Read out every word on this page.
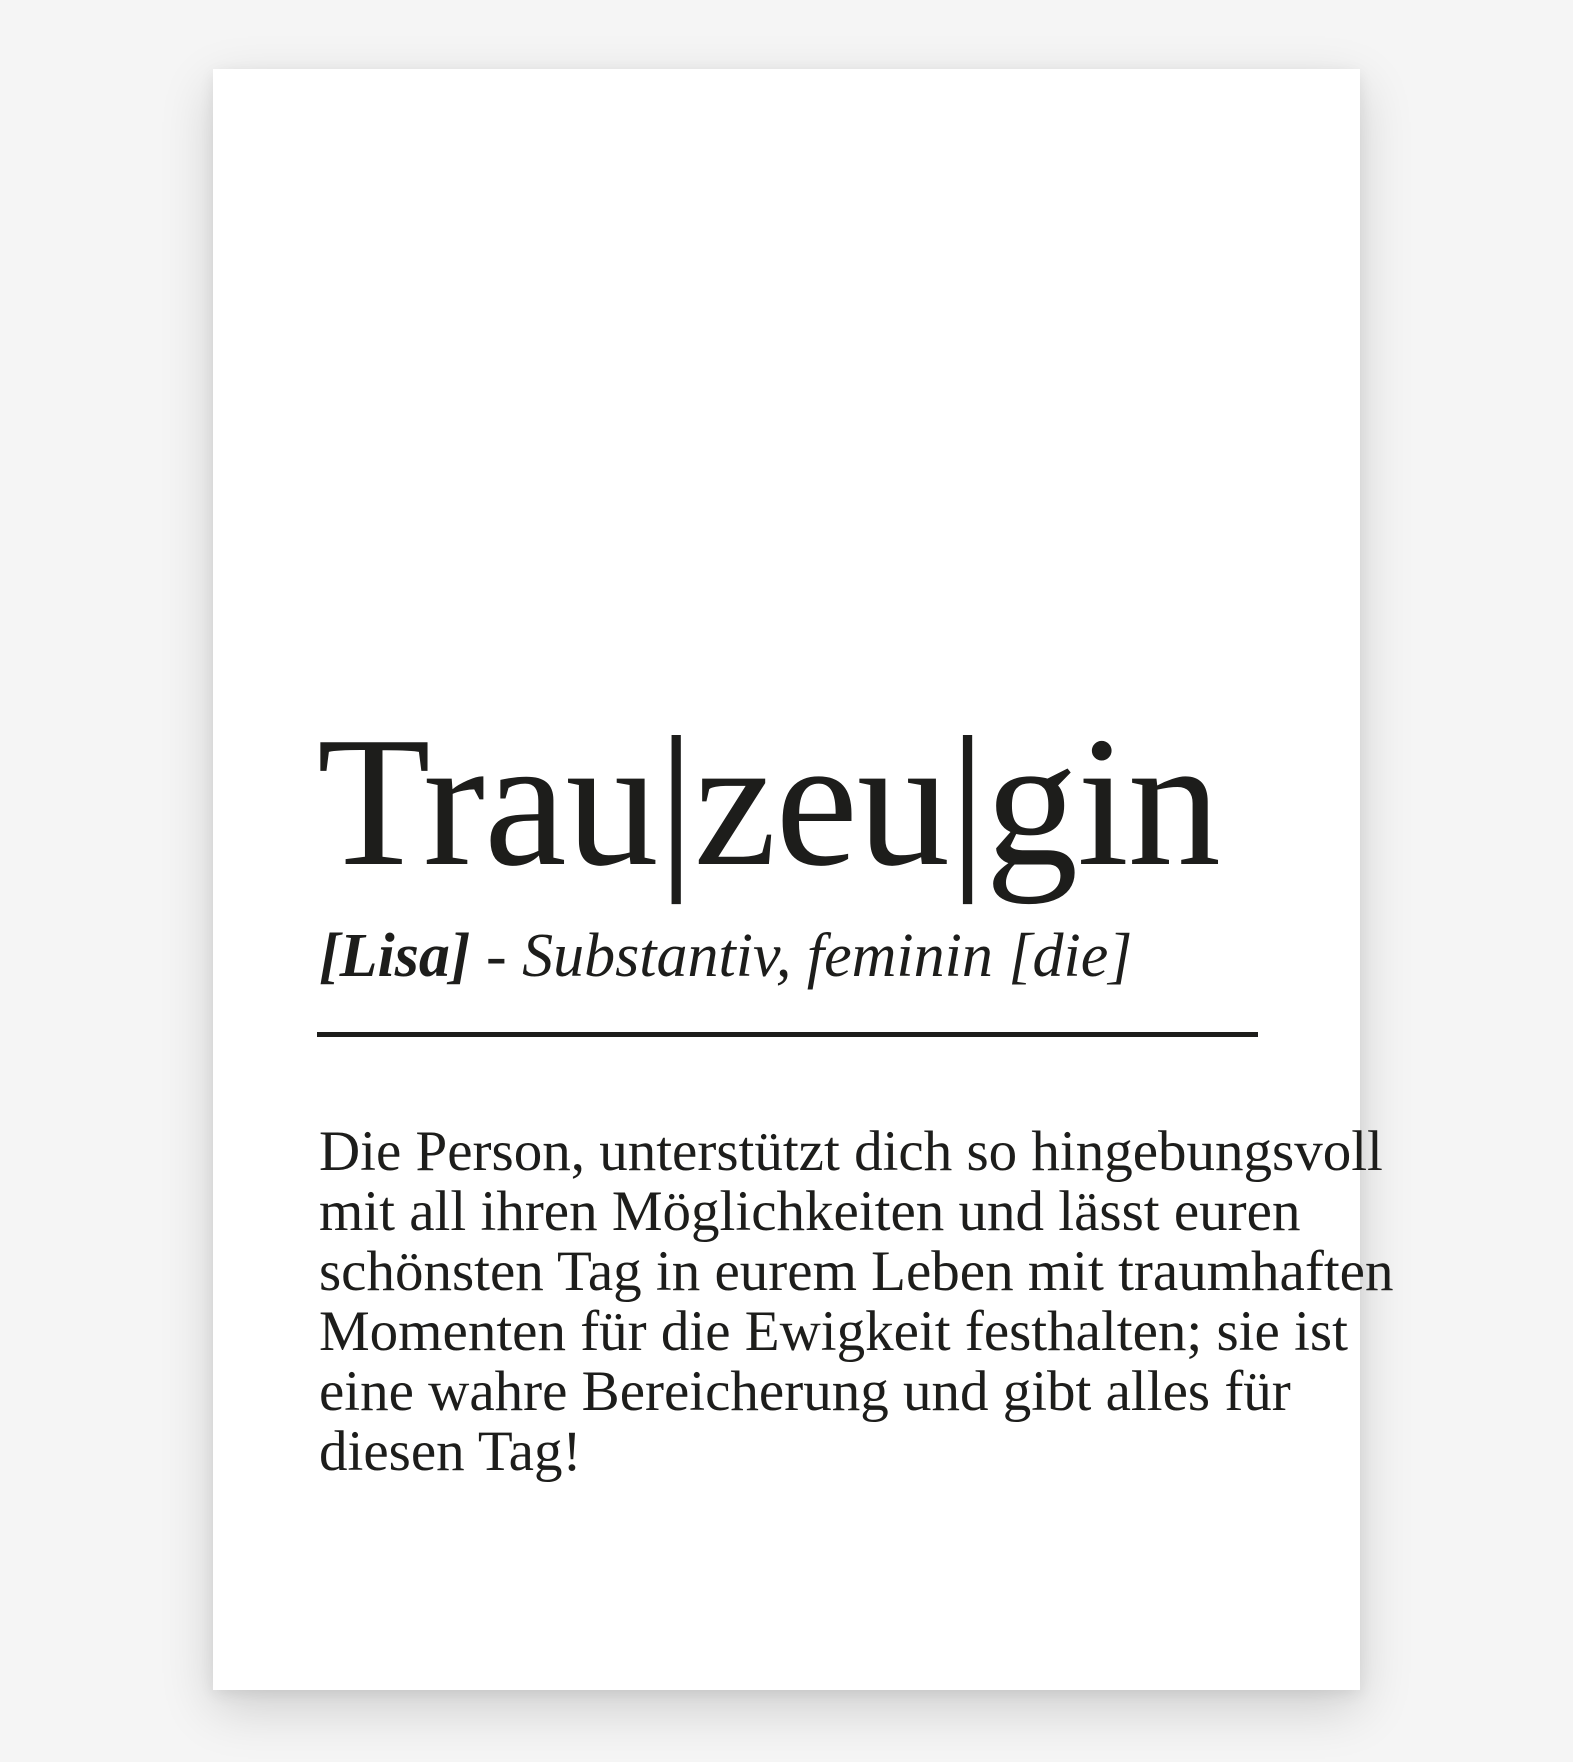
Trau|zeu|gin
[Lisa] - Substantiv, feminin [die]
Die Person, unterstützt dich so hingebungsvoll
mit all ihren Möglichkeiten und lässt euren
schönsten Tag in eurem Leben mit traumhaften
Momenten für die Ewigkeit festhalten; sie ist
eine wahre Bereicherung und gibt alles für
diesen Tag!
